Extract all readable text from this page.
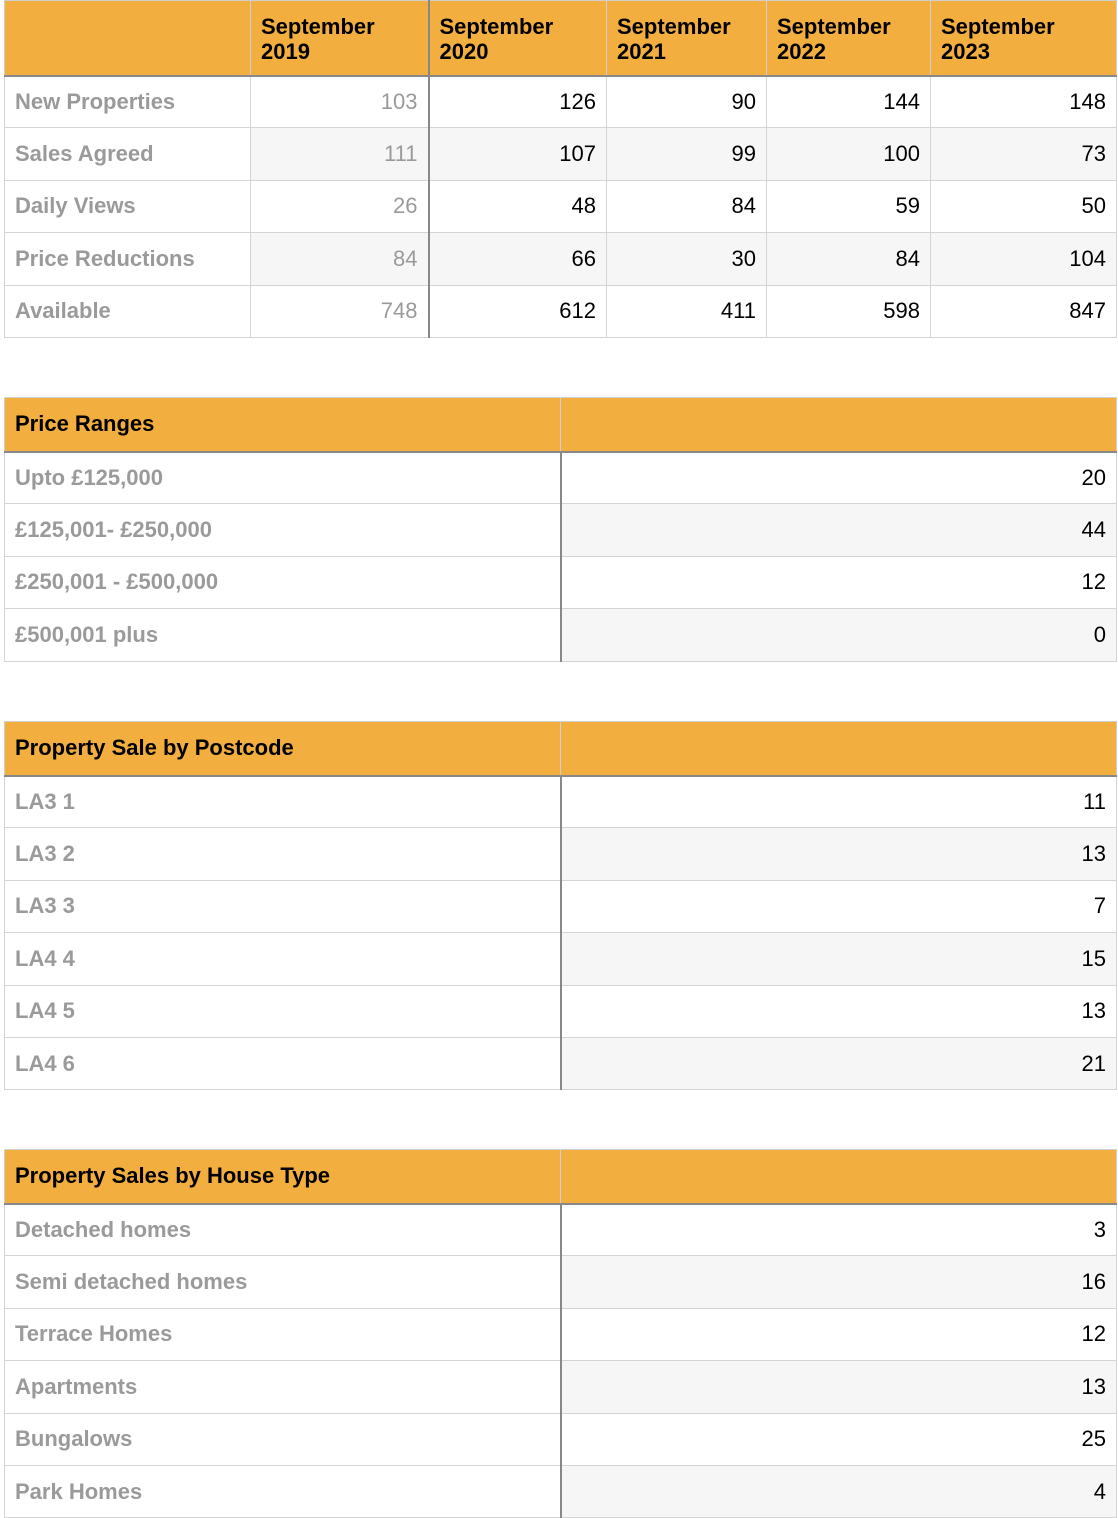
	September 2019	September 2020	September 2021	September 2022	September 2023
New Properties	103	126	90	144	148
Sales Agreed	111	107	99	100	73
Daily Views	26	48	84	59	50
Price Reductions	84	66	30	84	104
Available	748	612	411	598	847
Price Ranges	
Upto £125,000	20
£125,001- £250,000	44
£250,001 - £500,000	12
£500,001 plus	0
Property Sale by Postcode	
LA3 1	11
LA3 2	13
LA3 3	7
LA4 4	15
LA4 5	13
LA4 6	21
Property Sales by House Type	
Detached homes	3
Semi detached homes	16
Terrace Homes	12
Apartments	13
Bungalows	25
Park Homes	4
